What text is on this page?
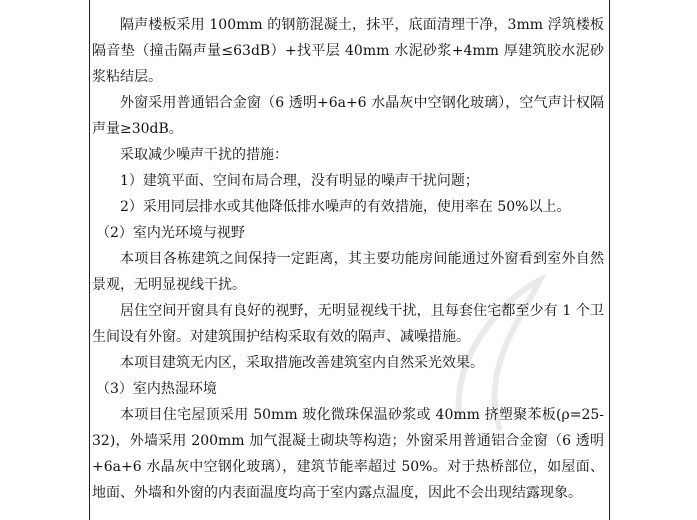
隔声楼板采用 100mm 的钢筋混凝土，抹平，底面清理干净，3mm 浮筑楼板隔音垫（撞击隔声量≤63dB）+找平层 40mm 水泥砂浆+4mm 厚建筑胶水泥砂浆粘结层。

外窗采用普通铝合金窗（6 透明+6a+6 水晶灰中空钢化玻璃），空气声计权隔声量≥30dB。

采取减少噪声干扰的措施：

1）建筑平面、空间布局合理，没有明显的噪声干扰问题；

2）采用同层排水或其他降低排水噪声的有效措施，使用率在 50%以上。

（2）室内光环境与视野

本项目各栋建筑之间保持一定距离，其主要功能房间能通过外窗看到室外自然景观，无明显视线干扰。

居住空间开窗具有良好的视野，无明显视线干扰，且每套住宅都至少有 1 个卫生间设有外窗。对建筑围护结构采取有效的隔声、减噪措施。

本项目建筑无内区，采取措施改善建筑室内自然采光效果。

（3）室内热湿环境

本项目住宅屋顶采用 50mm 玻化微珠保温砂浆或 40mm 挤塑聚苯板(ρ=25-32)，外墙采用 200mm 加气混凝土砌块等构造；外窗采用普通铝合金窗（6 透明+6a+6 水晶灰中空钢化玻璃），建筑节能率超过 50%。对于热桥部位，如屋面、地面、外墙和外窗的内表面温度均高于室内露点温度，因此不会出现结露现象。
